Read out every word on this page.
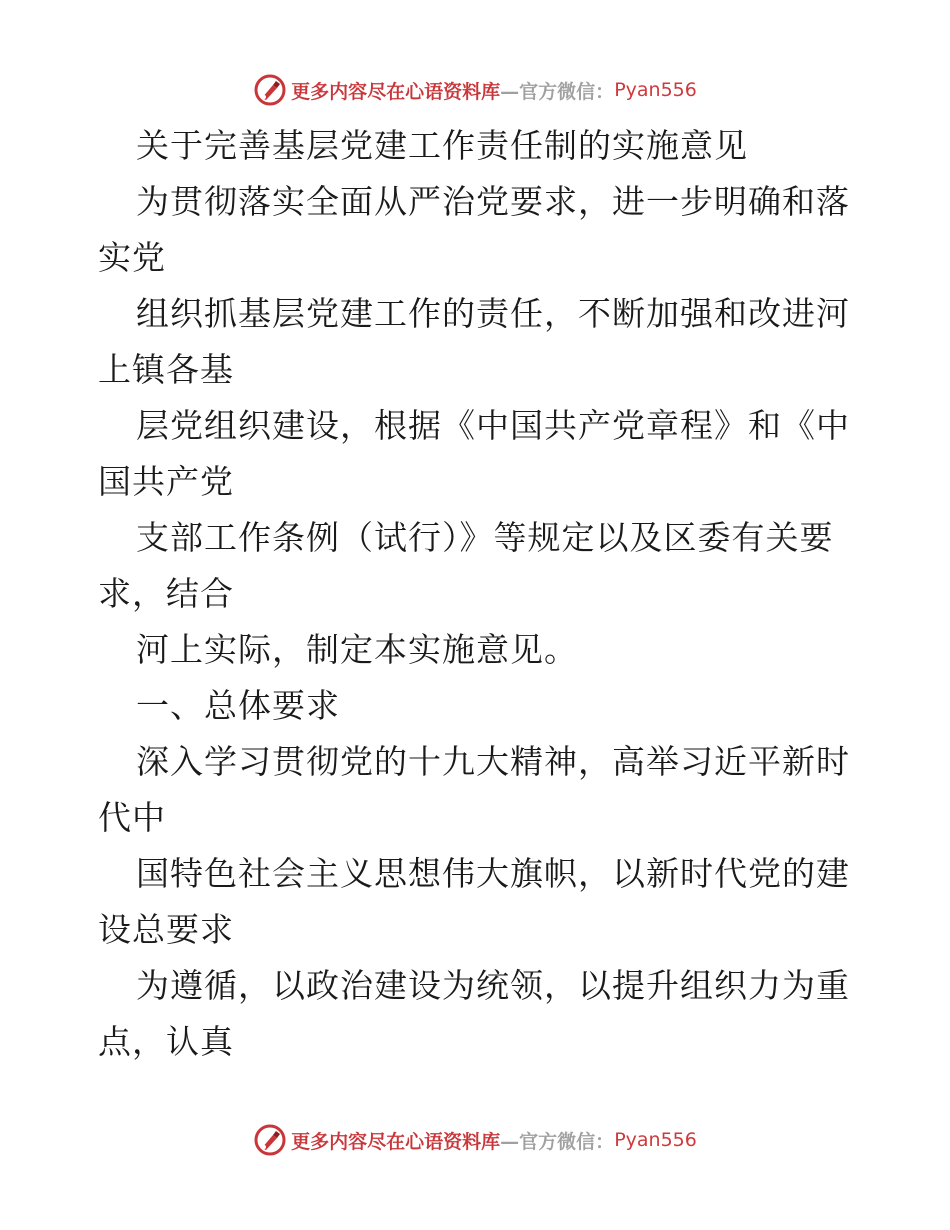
更多内容尽在心语资料库 —官方微信： Pyan556
关于完善基层党建工作责任制的实施意见
为贯彻落实全面从严治党要求，进一步明确和落
实党
组织抓基层党建工作的责任，不断加强和改进河
上镇各基
层党组织建设，根据《中国共产党章程》和《中
国共产党
支部工作条例（试行）》等规定以及区委有关要
求，结合
河上实际，制定本实施意见。
一、总体要求
深入学习贯彻党的十九大精神，高举习近平新时
代中
国特色社会主义思想伟大旗帜，以新时代党的建
设总要求
为遵循，以政治建设为统领，以提升组织力为重
点，认真
更多内容尽在心语资料库 —官方微信： Pyan556
